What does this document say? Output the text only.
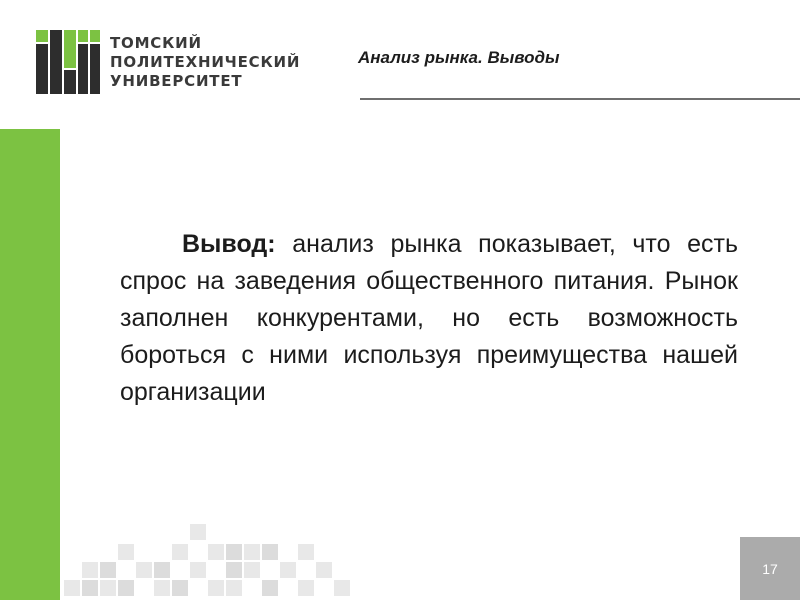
ТОМСКИЙ
ПОЛИТЕХНИЧЕСКИЙ
УНИВЕРСИТЕТ
Анализ рынка. Выводы
Вывод: анализ рынка показывает, что есть спрос на заведения общественного питания. Рынок заполнен конкурентами, но есть возможность бороться с ними используя преимущества нашей организации
17
